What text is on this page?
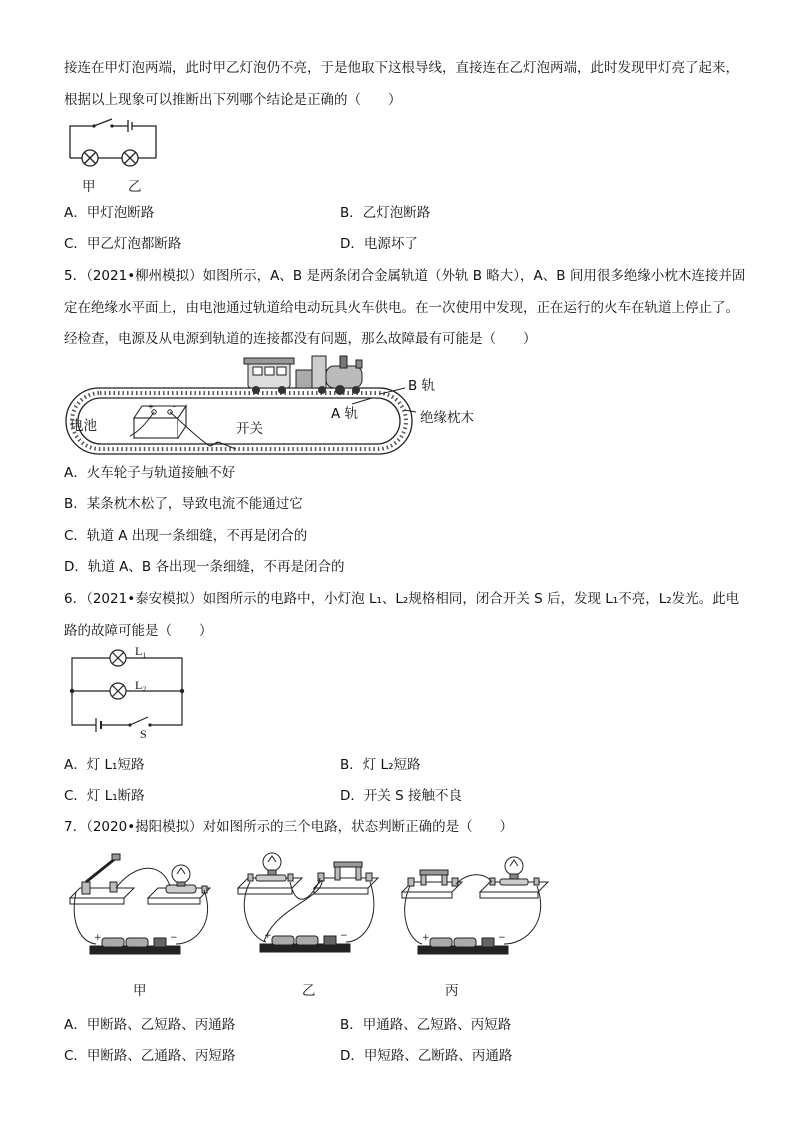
接连在甲灯泡两端，此时甲乙灯泡仍不亮，于是他取下这根导线，直接连在乙灯泡两端，此时发现甲灯亮了起来，
根据以上现象可以推断出下列哪个结论是正确的（　　）
甲 乙
A．甲灯泡断路	B．乙灯泡断路
C．甲乙灯泡都断路	D．电源坏了
5．（2021•柳州模拟）如图所示，A、B 是两条闭合金属轨道（外轨 B 略大），A、B 间用很多绝缘小枕木连接并固
定在绝缘水平面上，由电池通过轨道给电动玩具火车供电。在一次使用中发现，正在运行的火车在轨道上停止了。
经检查，电源及从电源到轨道的连接都没有问题，那么故障最有可能是（　　）
+	-
电池	开关
A 轨
B 轨
绝缘枕木
A．火车轮子与轨道接触不好
B．某条枕木松了，导致电流不能通过它
C．轨道 A 出现一条细缝，不再是闭合的
D．轨道 A、B 各出现一条细缝，不再是闭合的
6．（2021•泰安模拟）如图所示的电路中，小灯泡 L₁、L₂规格相同，闭合开关 S 后，发现 L₁不亮，L₂发光。此电
路的故障可能是（　　）
L₁
L₂
S
A．灯 L₁短路	B．灯 L₂短路
C．灯 L₁断路	D．开关 S 接触不良
7．（2020•揭阳模拟）对如图所示的三个电路，状态判断正确的是（　　）
+	−	+	−	+	−
甲	乙	丙
A．甲断路、乙短路、丙通路	B．甲通路、乙短路、丙短路
C．甲断路、乙通路、丙短路	D．甲短路、乙断路、丙通路
